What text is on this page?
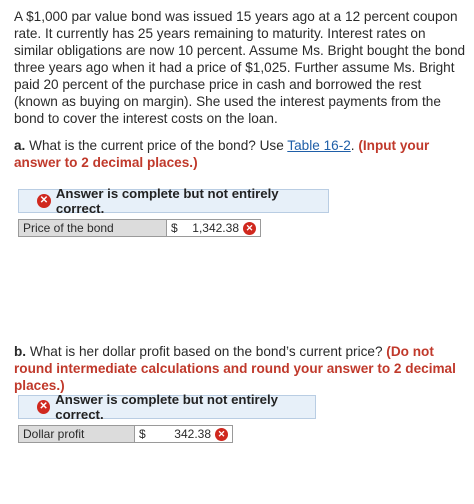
A $1,000 par value bond was issued 15 years ago at a 12 percent coupon rate. It currently has 25 years remaining to maturity. Interest rates on similar obligations are now 10 percent. Assume Ms. Bright bought the bond three years ago when it had a price of $1,025. Further assume Ms. Bright paid 20 percent of the purchase price in cash and borrowed the rest (known as buying on margin). She used the interest payments from the bond to cover the interest costs on the loan.
a. What is the current price of the bond? Use Table 16-2. (Input your answer to 2 decimal places.)
✕ Answer is complete but not entirely correct.
Price of the bond	$	1,342.38 ✕
b. What is her dollar profit based on the bond’s current price? (Do not round intermediate calculations and round your answer to 2 decimal places.)
✕ Answer is complete but not entirely correct.
Dollar profit	$	342.38 ✕
